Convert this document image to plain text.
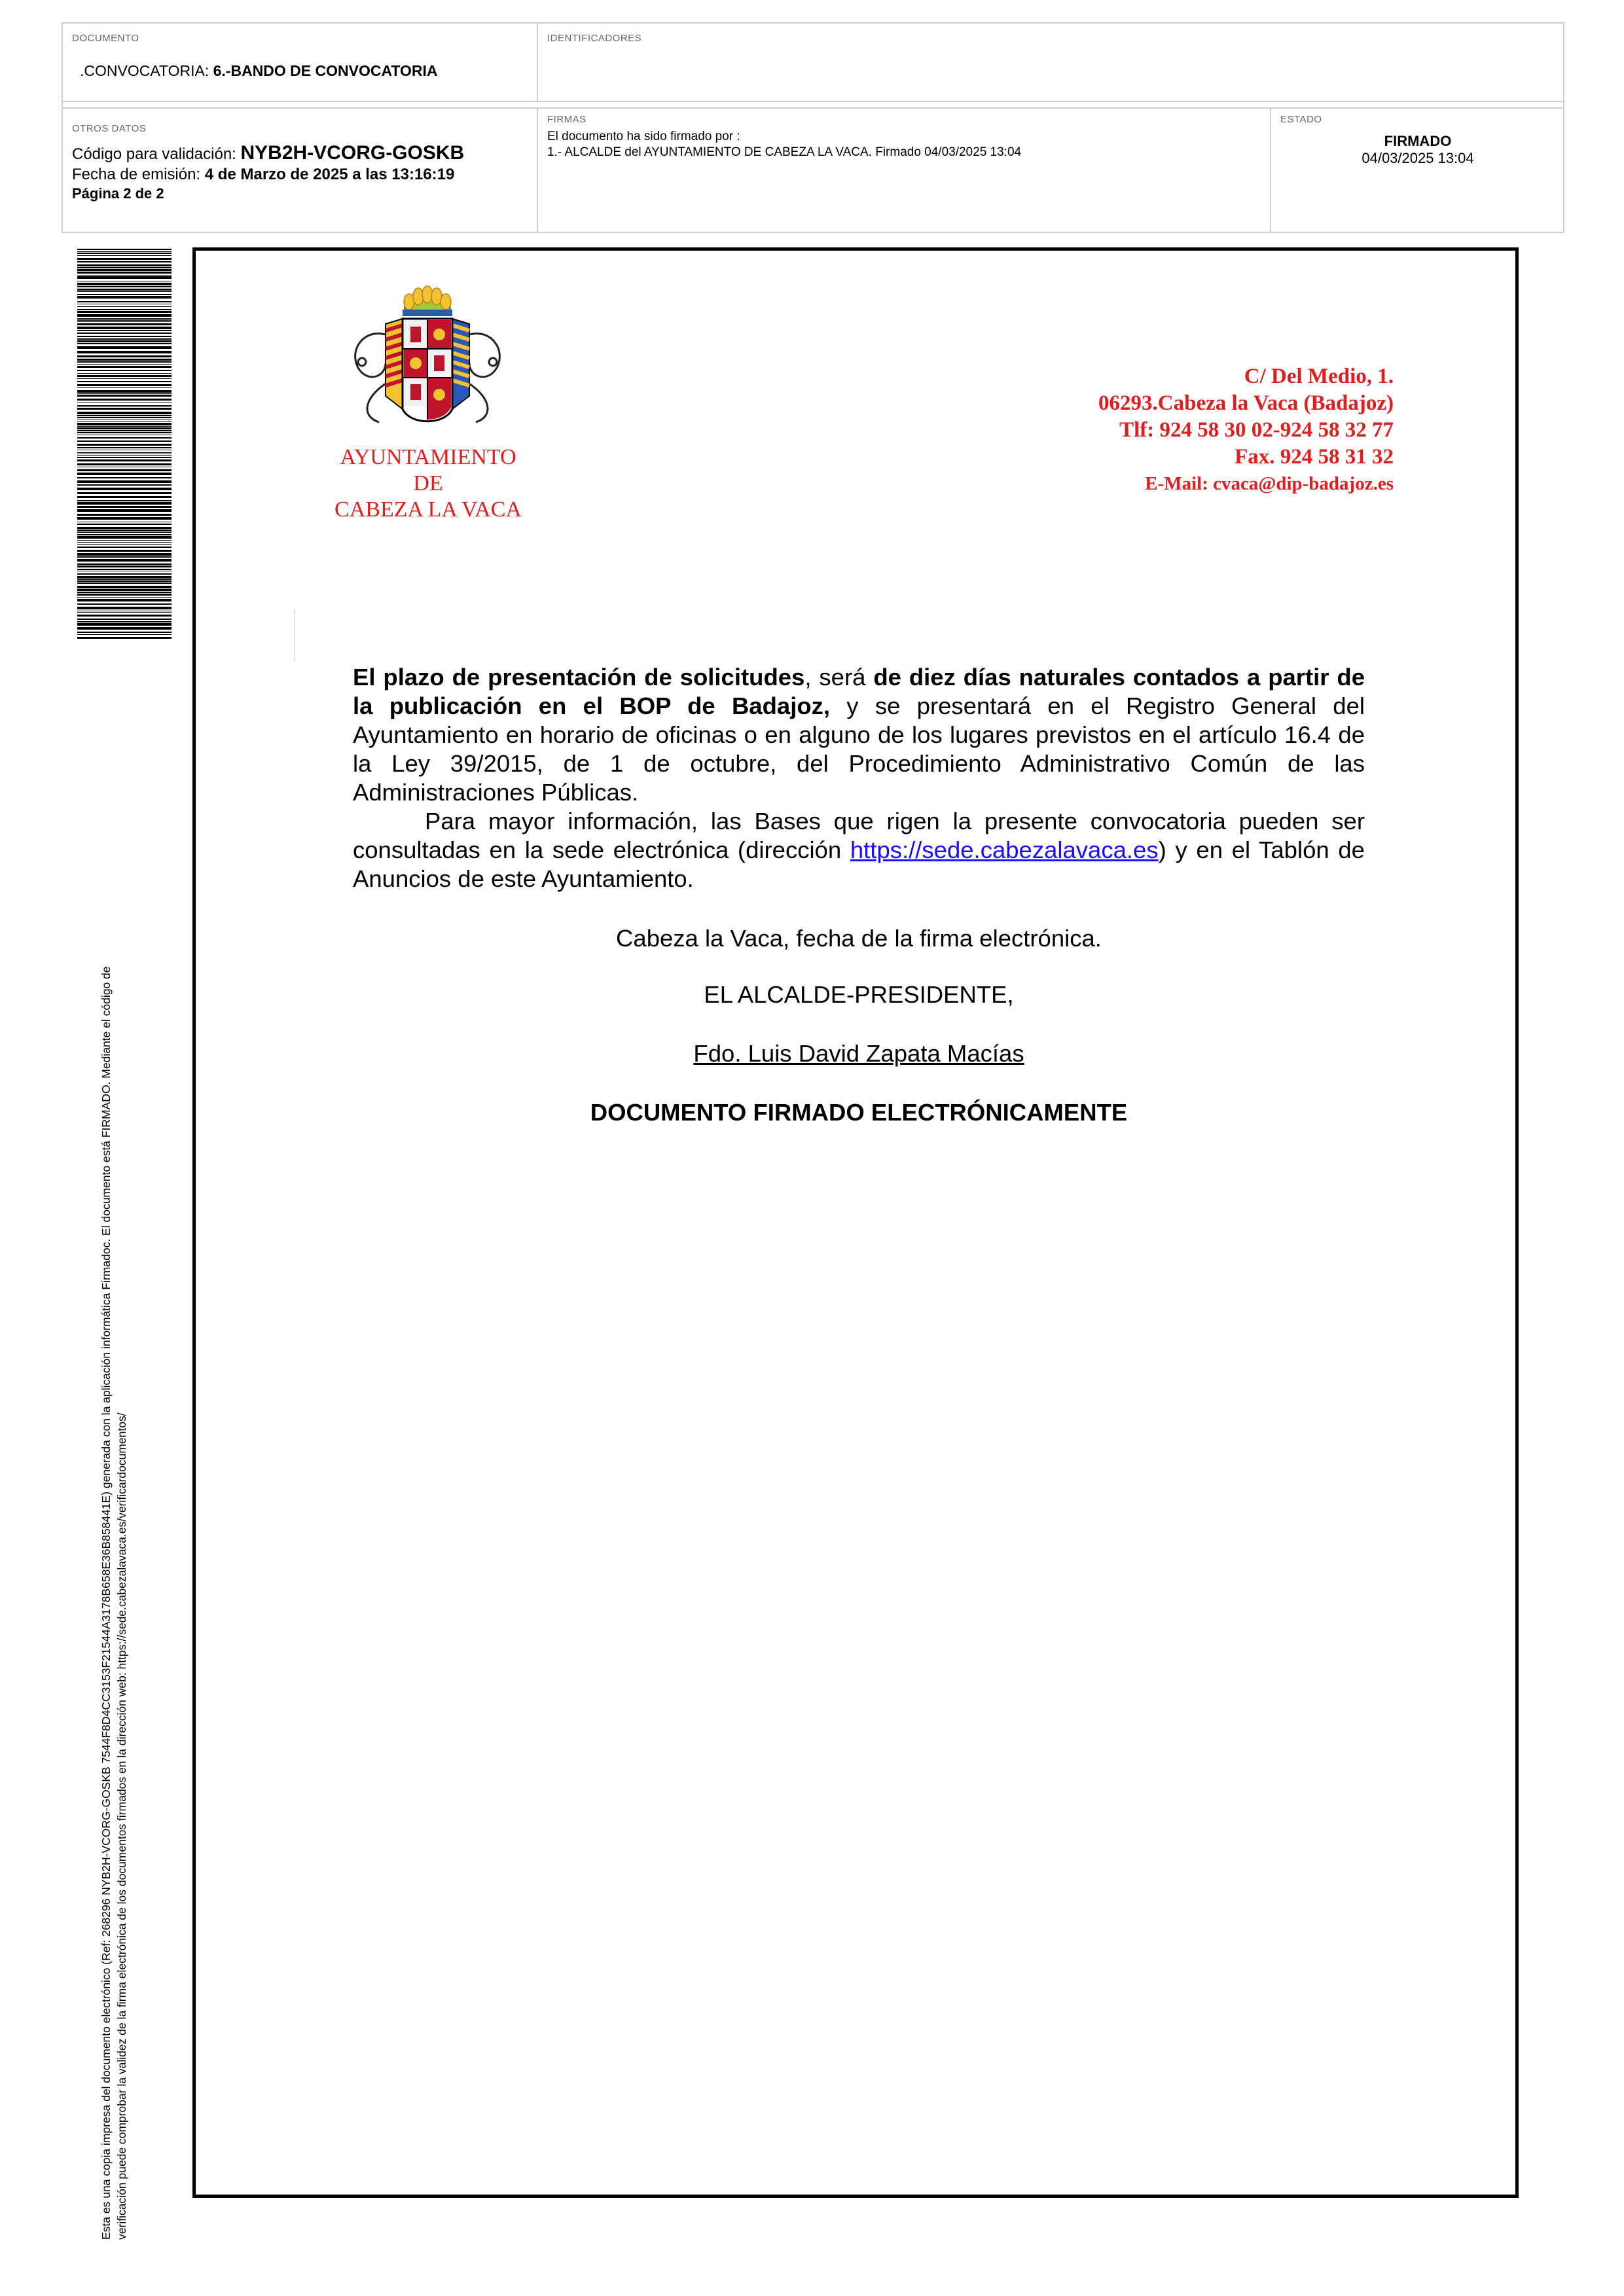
DOCUMENTO
.CONVOCATORIA: 6.-BANDO DE CONVOCATORIA
IDENTIFICADORES
OTROS DATOS
Código para validación: NYB2H-VCORG-GOSKB
Fecha de emisión: 4 de Marzo de 2025 a las 13:16:19
Página 2 de 2
FIRMAS
El documento ha sido firmado por :
1.- ALCALDE del AYUNTAMIENTO DE CABEZA LA VACA. Firmado 04/03/2025 13:04
ESTADO
FIRMADO
04/03/2025 13:04
Esta es una copia impresa del documento electrónico (Ref: 268296 NYB2H-VCORG-GOSKB 7544F8D4CC3153F21544A3178B658E36B858441E) generada con la aplicación informática Firmadoc. El documento está FIRMADO. Mediante el código de verificación puede comprobar la validez de la firma electrónica de los documentos firmados en la dirección web: https://sede.cabezalavaca.es/verificardocumentos/
AYUNTAMIENTO
DE
CABEZA LA VACA
C/ Del Medio, 1.
06293.Cabeza la Vaca (Badajoz)
Tlf: 924 58 30 02-924 58 32 77
Fax. 924 58 31 32
E-Mail: cvaca@dip-badajoz.es

El plazo de presentación de solicitudes, será de diez días naturales contados a partir de la publicación en el BOP de Badajoz, y se presentará en el Registro General del Ayuntamiento en horario de oficinas o en alguno de los lugares previstos en el artículo 16.4 de la Ley 39/2015, de 1 de octubre, del Procedimiento Administrativo Común de las Administraciones Públicas.

Para mayor información, las Bases que rigen la presente convocatoria pueden ser consultadas en la sede electrónica (dirección https://sede.cabezalavaca.es) y en el Tablón de Anuncios de este Ayuntamiento.

Cabeza la Vaca, fecha de la firma electrónica.
EL ALCALDE-PRESIDENTE,
Fdo. Luis David Zapata Macías
DOCUMENTO FIRMADO ELECTRÓNICAMENTE
